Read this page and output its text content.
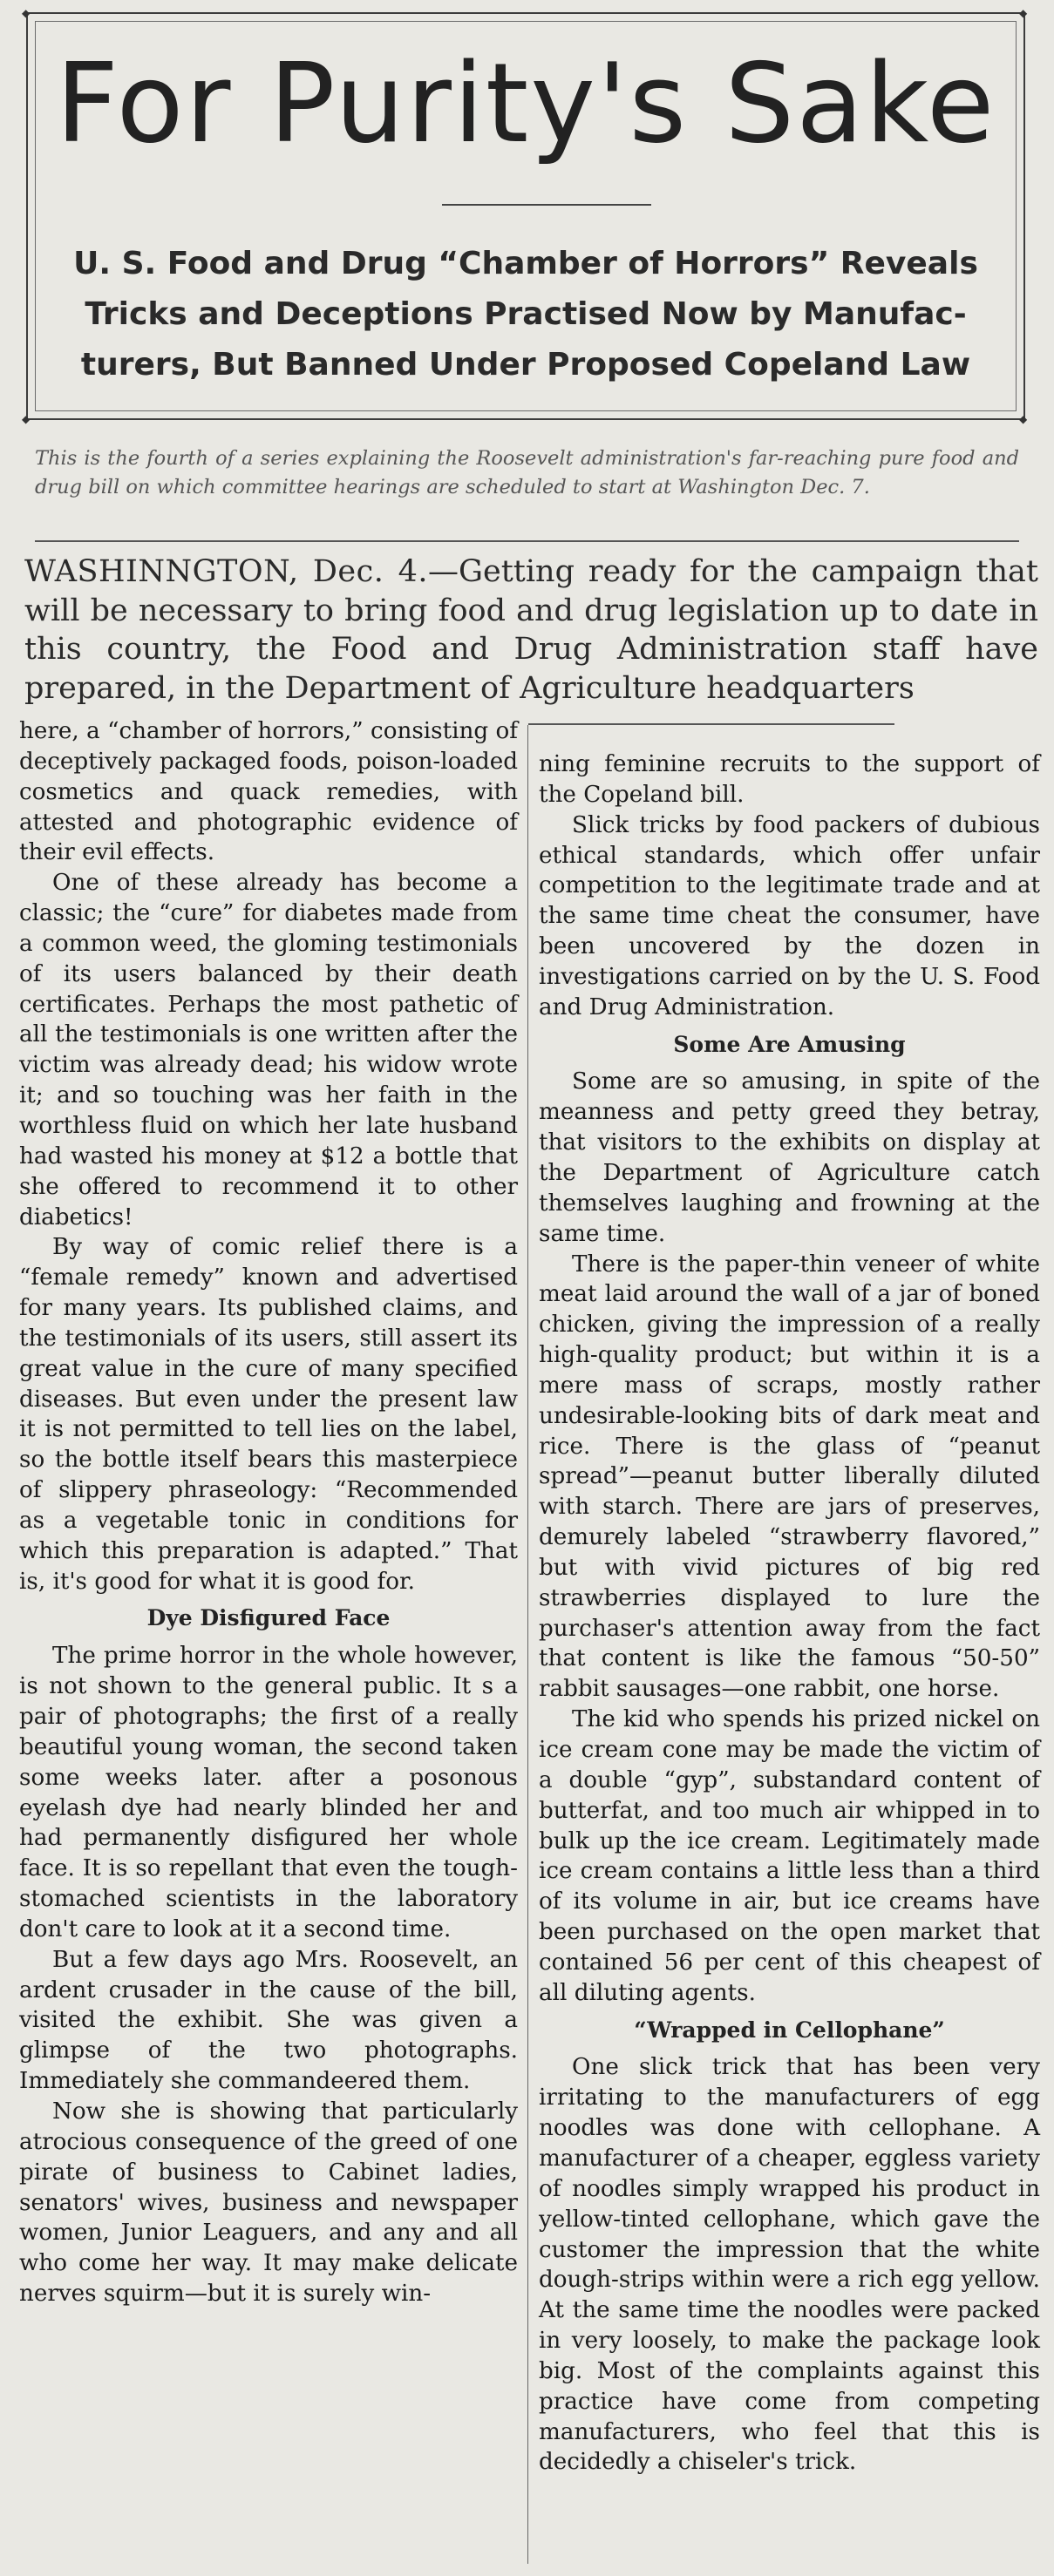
◆	◆
◆	◆
For Purity's Sake
U. S. Food and Drug “Chamber of Horrors” Reveals
Tricks and Deceptions Practised Now by Manufac-
turers, But Banned Under Proposed Copeland Law
This is the fourth of a series explaining the Roosevelt administration's far-reaching pure food and drug bill on which committee hearings are scheduled to start at Washington Dec. 7.
WASHINNGTON, Dec. 4.—Getting ready for the campaign that will be necessary to bring food and drug legislation up to date in this country, the Food and Drug Administration staff have prepared, in the Department of Agriculture headquarters

here, a “chamber of horrors,” consisting of deceptively packaged foods, poison-loaded cosmetics and quack remedies, with attested and photographic evidence of their evil effects.

One of these already has become a classic; the “cure” for diabetes made from a common weed, the gloming testimonials of its users balanced by their death certificates. Perhaps the most pathetic of all the testimonials is one written after the victim was already dead; his widow wrote it; and so touching was her faith in the worthless fluid on which her late husband had wasted his money at $12 a bottle that she offered to recommend it to other diabetics!

By way of comic relief there is a “female remedy” known and advertised for many years. Its published claims, and the testimonials of its users, still assert its great value in the cure of many specified diseases. But even under the present law it is not permitted to tell lies on the label, so the bottle itself bears this masterpiece of slippery phraseology: “Recommended as a vegetable tonic in conditions for which this preparation is adapted.” That is, it's good for what it is good for.

Dye Disfigured Face

The prime horror in the whole however, is not shown to the general public. It s a pair of photographs; the first of a really beautiful young woman, the second taken some weeks later. after a posonous eyelash dye had nearly blinded her and had permanently disfigured her whole face. It is so repellant that even the tough-stomached scientists in the laboratory don't care to look at it a second time.

But a few days ago Mrs. Roosevelt, an ardent crusader in the cause of the bill, visited the exhibit. She was given a glimpse of the two photographs. Immediately she commandeered them.

Now she is showing that particularly atrocious consequence of the greed of one pirate of business to Cabinet ladies, senators' wives, business and newspaper women, Junior Leaguers, and any and all who come her way. It may make delicate nerves squirm—but it is surely win-

ning feminine recruits to the support of the Copeland bill.

Slick tricks by food packers of dubious ethical standards, which offer unfair competition to the legitimate trade and at the same time cheat the consumer, have been uncovered by the dozen in investigations carried on by the U. S. Food and Drug Administration.

Some Are Amusing

Some are so amusing, in spite of the meanness and petty greed they betray, that visitors to the exhibits on display at the Department of Agriculture catch themselves laughing and frowning at the same time.

There is the paper-thin veneer of white meat laid around the wall of a jar of boned chicken, giving the impression of a really high-quality product; but within it is a mere mass of scraps, mostly rather undesirable-looking bits of dark meat and rice. There is the glass of “peanut spread”—peanut butter liberally diluted with starch. There are jars of preserves, demurely labeled “strawberry flavored,” but with vivid pictures of big red strawberries displayed to lure the purchaser's attention away from the fact that content is like the famous “50-50” rabbit sausages—one rabbit, one horse.

The kid who spends his prized nickel on ice cream cone may be made the victim of a double “gyp”, substandard content of butterfat, and too much air whipped in to bulk up the ice cream. Legitimately made ice cream contains a little less than a third of its volume in air, but ice creams have been purchased on the open market that contained 56 per cent of this cheapest of all diluting agents.

“Wrapped in Cellophane”

One slick trick that has been very irritating to the manufacturers of egg noodles was done with cellophane. A manufacturer of a cheaper, eggless variety of noodles simply wrapped his product in yellow-tinted cellophane, which gave the customer the impression that the white dough-strips within were a rich egg yellow. At the same time the noodles were packed in very loosely, to make the package look big. Most of the complaints against this practice have come from competing manufacturers, who feel that this is decidedly a chiseler's trick.
